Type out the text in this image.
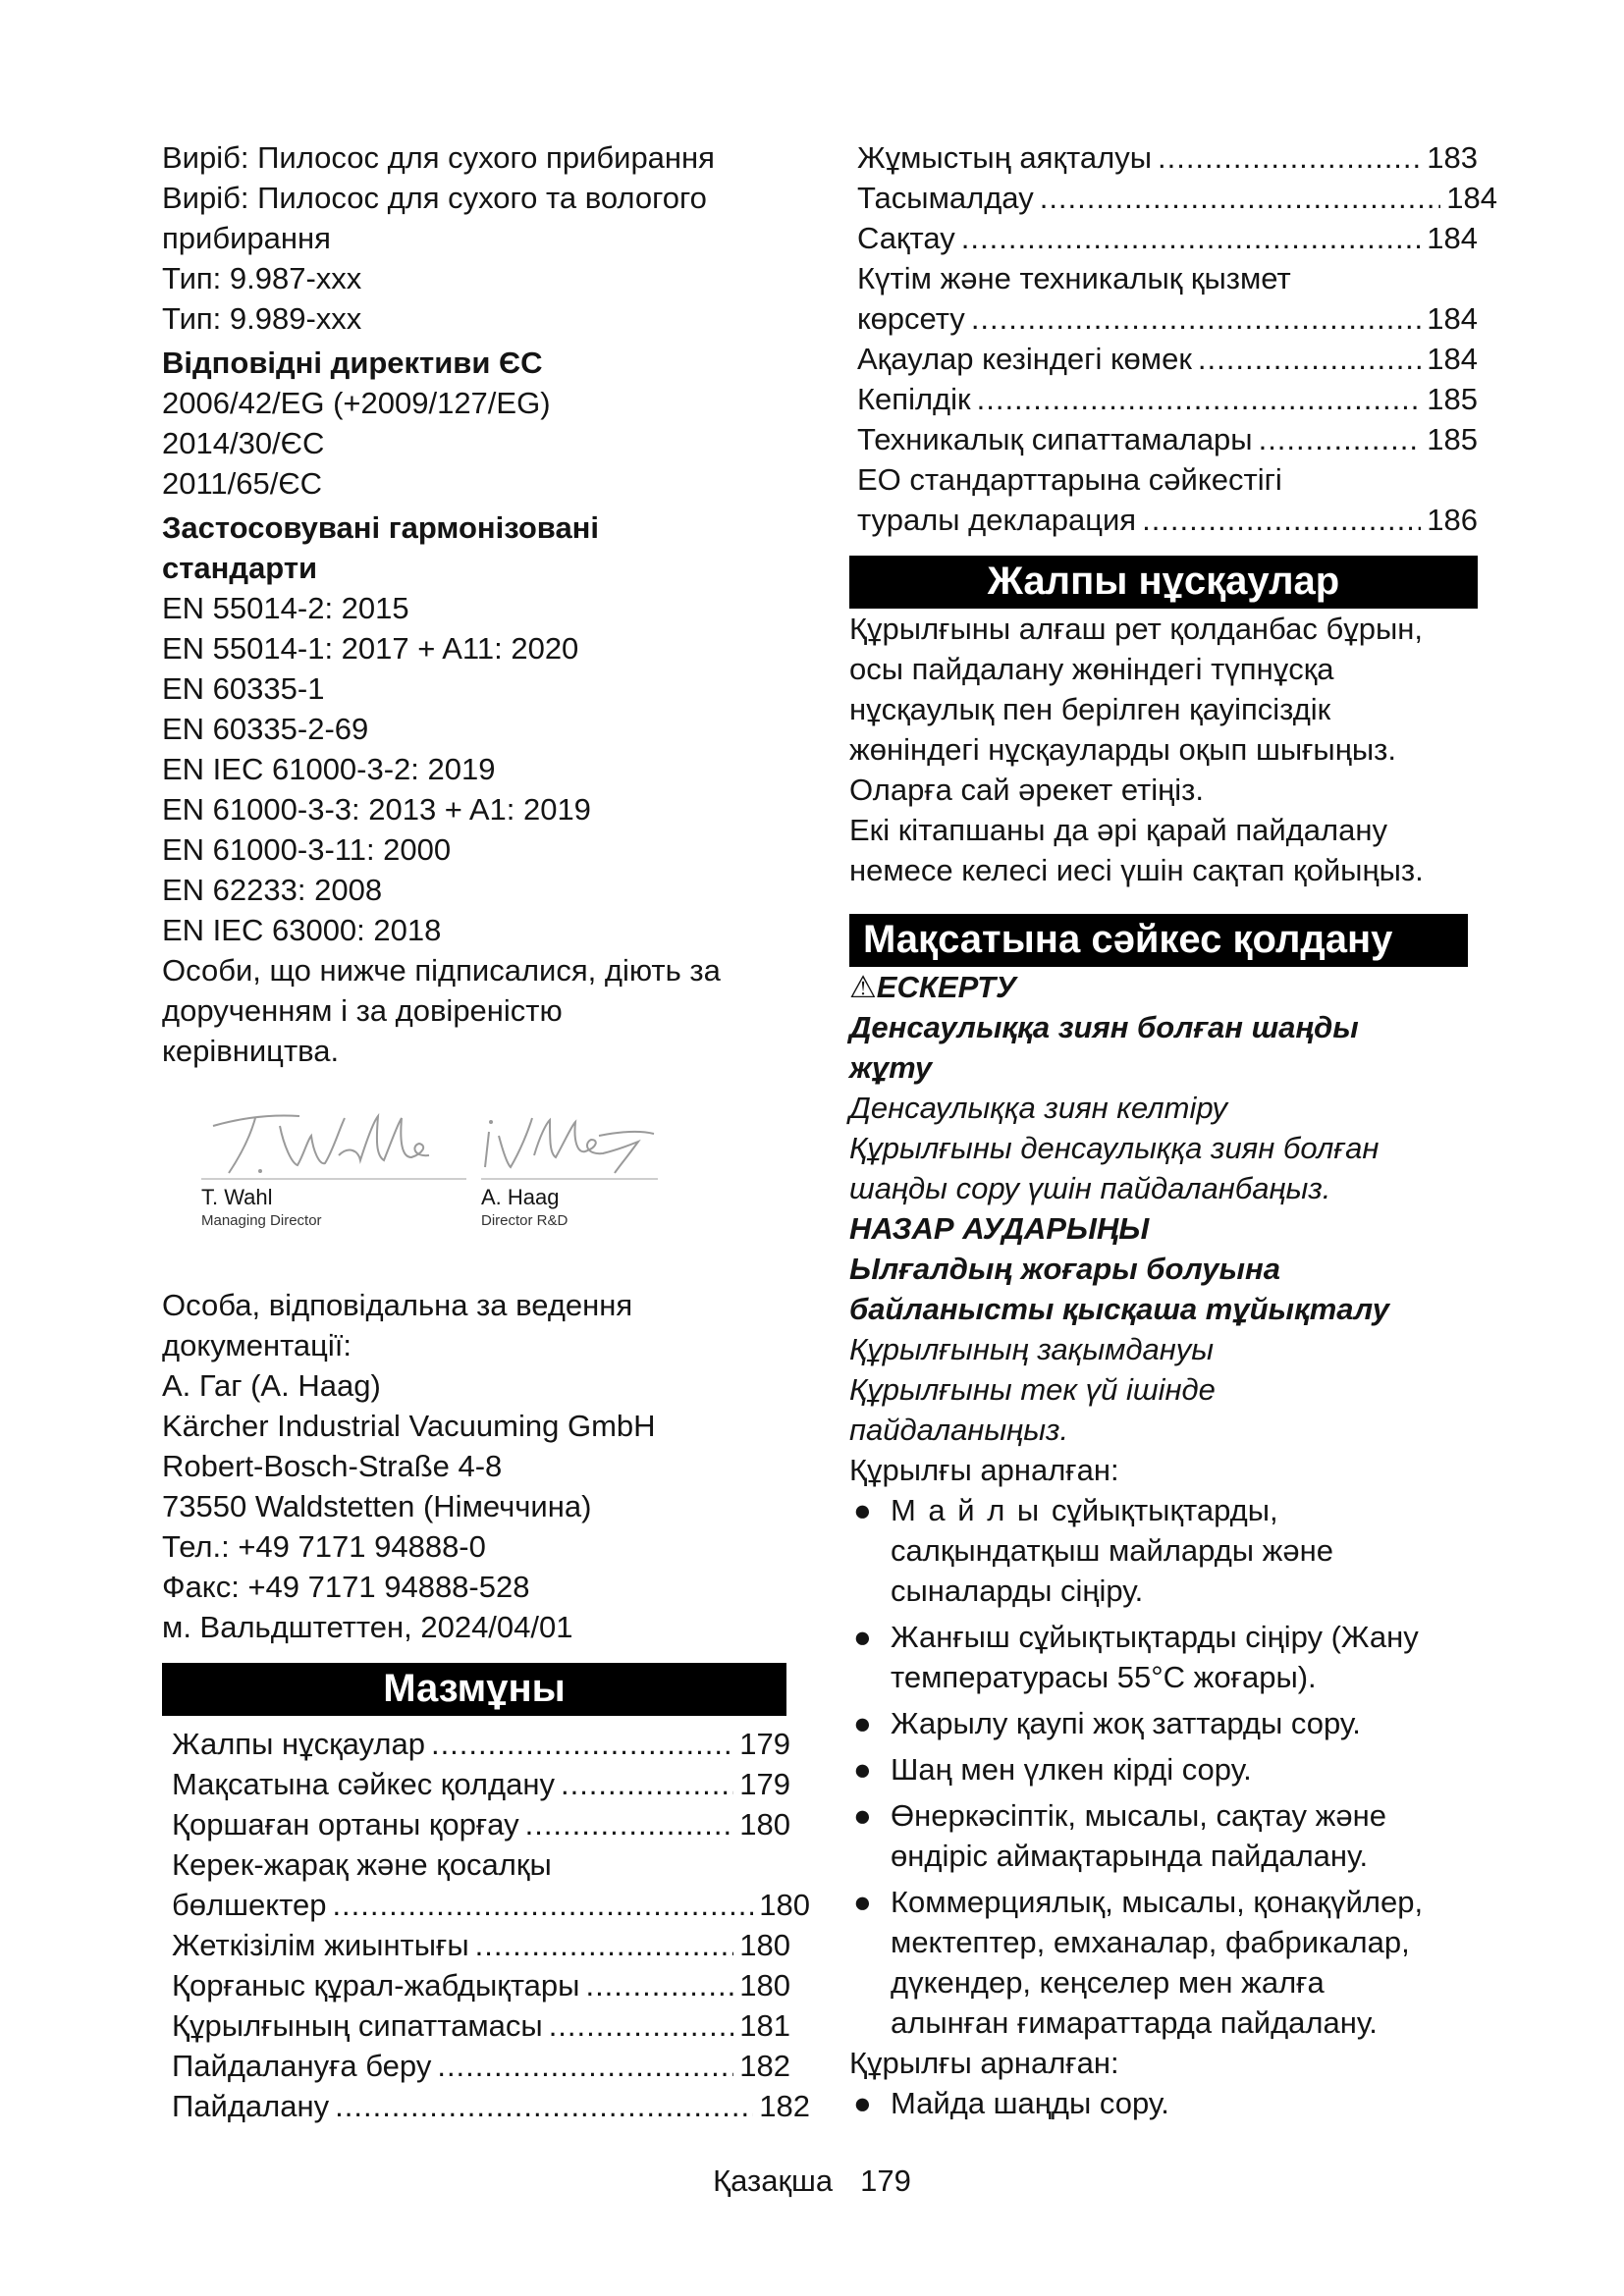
Виріб: Пилосос для сухого прибирання
Виріб: Пилосос для сухого та вологого
прибирання
Тип: 9.987-xxx
Тип: 9.989-xxx
Відповідні директиви ЄС
2006/42/EG (+2009/127/EG)
2014/30/ЄС
2011/65/ЄС
Застосовувані гармонізовані
стандарти
EN 55014-2: 2015
EN 55014-1: 2017 + A11: 2020
EN 60335-1
EN 60335-2-69
EN IEC 61000-3-2: 2019
EN 61000-3-3: 2013 + A1: 2019
EN 61000-3-11: 2000
EN 62233: 2008
EN IEC 63000: 2018
Особи, що нижче підписалися, діють за
дорученням і за довіреністю
керівництва.
T. Wahl
Managing Director
A. Haag
Director R&D
Особа, відповідальна за ведення
документації:
А. Гаг (A. Haag)
Kärcher Industrial Vacuuming GmbH
Robert-Bosch-Straße 4-8
73550 Waldstetten (Німеччина)
Тел.: +49 7171 94888-0
Факс: +49 7171 94888-528
м. Вальдштеттен, 2024/04/01
Мазмұны
Жалпы нұсқаулар .....	179
Мақсатына сәйкес қолдану .....	179
Қоршаған ортаны қорғау .....	180
Керек-жарақ және қосалқы
бөлшектер .....	180
Жеткізілім жиынтығы .....	180
Қорғаныс құрал-жабдықтары .....	180
Құрылғының сипаттамасы .....	181
Пайдалануға беру .....	182
Пайдалану .....	182
Жұмыстың аяқталуы .....	183
Тасымалдау .....	184
Сақтау .....	184
Күтім және техникалық қызмет
көрсету .....	184
Ақаулар кезіндегі көмек .....	184
Кепілдік .....	185
Техникалық сипаттамалары .....	185
ЕО стандарттарына сәйкестігі
туралы декларация .....	186
Жалпы нұсқаулар
Құрылғыны алғаш рет қолданбас бұрын,
осы пайдалану жөніндегі түпнұсқа
нұсқаулық пен берілген қауіпсіздік
жөніндегі нұсқауларды оқып шығыңыз.
Оларға сай әрекет етіңіз.
Екі кітапшаны да әрі қарай пайдалану
немесе келесі иесі үшін сақтап қойыңыз.
Мақсатына сәйкес қолдану
⚠ЕСКЕРТУ
Денсаулыққа зиян болған шаңды
жұту
Денсаулыққа зиян келтіру
Құрылғыны денсаулыққа зиян болған
шаңды сору үшін пайдаланбаңыз.
НАЗАР АУДАРЫҢЫ
Ылғалдың жоғары болуына
байланысты қысқаша тұйықталу
Құрылғының зақымдануы
Құрылғыны тек үй ішінде
пайдаланыңыз.
Құрылғы арналған:
● М а й л ы сұйықтықтарды,
салқындатқыш майларды және
сыналарды сіңіру.
● Жанғыш сұйықтықтарды сіңіру (Жану
температурасы 55°C жоғары).
● Жарылу қаупі жоқ заттарды сору.
● Шаң мен үлкен кірді сору.
● Өнеркәсіптік, мысалы, сақтау және
өндіріс аймақтарында пайдалану.
● Коммерциялық, мысалы, қонақүйлер,
мектептер, емханалар, фабрикалар,
дүкендер, кеңселер мен жалға
алынған ғимараттарда пайдалану.
Құрылғы арналған:
● Майда шаңды сору.
Қазақша 179
